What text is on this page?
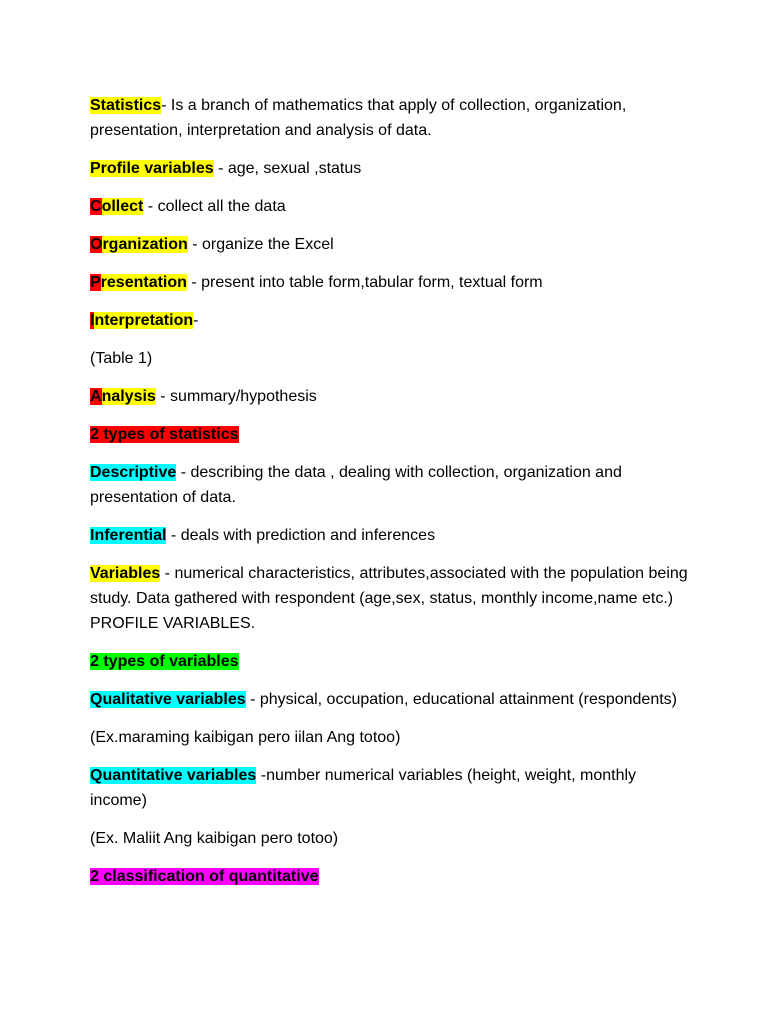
Statistics- Is a branch of mathematics that apply of collection, organization, presentation, interpretation and analysis of data.

Profile variables - age, sexual ,status

Collect - collect all the data

Organization - organize the Excel

Presentation - present into table form,tabular form, textual form

Interpretation-

(Table 1)

Analysis - summary/hypothesis

2 types of statistics

Descriptive - describing the data , dealing with collection, organization and presentation of data.

Inferential - deals with prediction and inferences

Variables - numerical characteristics, attributes,associated with the population being study. Data gathered with respondent (age,sex, status, monthly income,name etc.) PROFILE VARIABLES.

2 types of variables

Qualitative variables - physical, occupation, educational attainment (respondents)

(Ex.maraming kaibigan pero iilan Ang totoo)

Quantitative variables -number numerical variables (height, weight, monthly income)

(Ex. Maliit Ang kaibigan pero totoo)

2 classification of quantitative
